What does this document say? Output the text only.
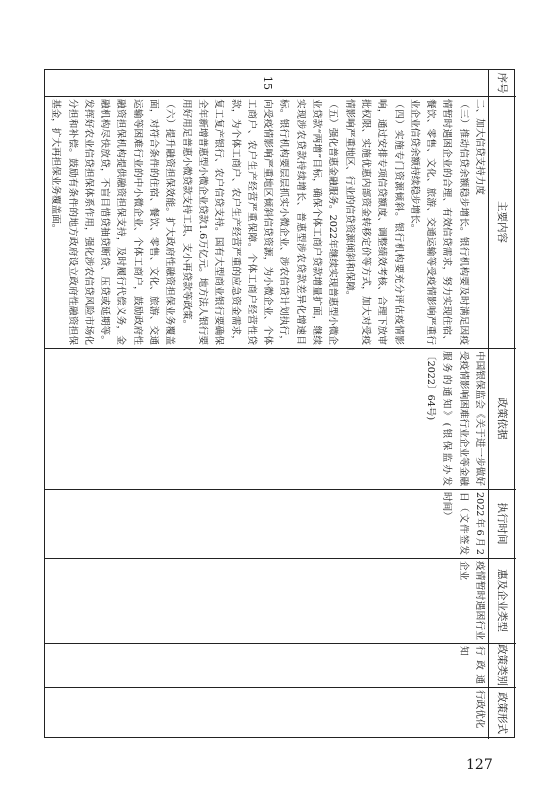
序号
主要内容
政策依据
执行时间
惠及企业类型
政策类别
政策形式
15

二、加大信贷支持力度

（三）推动信贷余额稳步增长。银行机构要及时满足因疫情暂时遇困企业的合理、有效信贷需求，努力实现住宿、餐饮、零售、文化、旅游、交通运输等受疫情影响严重行业企业信贷余额持续稳步增长。

（四）实施专门资源倾斜。银行机构要充分评估疫情影响，通过安排专项信贷额度、调整绩效考核、合理下放审批权限、实施优惠内部资金转移定价等方式，加大对受疫情影响严重地区、行业的信贷资源倾斜和保障。

（五）强化普惠金融服务。2022年继续实现普惠型小微企业贷款“两增”目标，确保个体工商户贷款增量扩面，继续实现涉农贷款持续增长、普惠型涉农贷款差异化增速目标。银行机构要层层抓实小微企业、涉农信贷计划执行，向受疫情影响严重地区倾斜信贷资源，为小微企业、个体工商户、农户生产经营严重保障。个体工商户经营性贷款，为个体工商户、农户生产经营严重的应急资金需求，复工复产银行、农户信贷支持。国有大型商业银行要确保全年新增普惠型小微企业贷款1.6万亿元。地方法人银行要用好用足普惠小微贷款支持工具、支小再贷款等政策。

（六）提升融资担保效能。扩大政府性融资担保业务覆盖面，对符合条件的住宿、餐饮、零售、文化、旅游、交通运输等困难行业的中小微企业、个体工商户，鼓励政府性融资担保机构提供融资担保支持，及时履行代偿义务，金融机构尽快放贷，不盲目惜贷抽贷断贷、压贷或延期等。发挥好农业信贷担保体系作用，强化涉农信贷风险市场化分担和补偿。鼓励有条件的地方政府设立政府性融资担保基金，扩大再担保业务覆盖面。

中国银保监会《关于进一步做好受疫情影响困难行业企业等金融服务的通知》(银保监办发〔2022〕64号)
2022年6月2日（文件签发时间）
疫情暂时遇困行业企业
行政通知
行政优化
127
